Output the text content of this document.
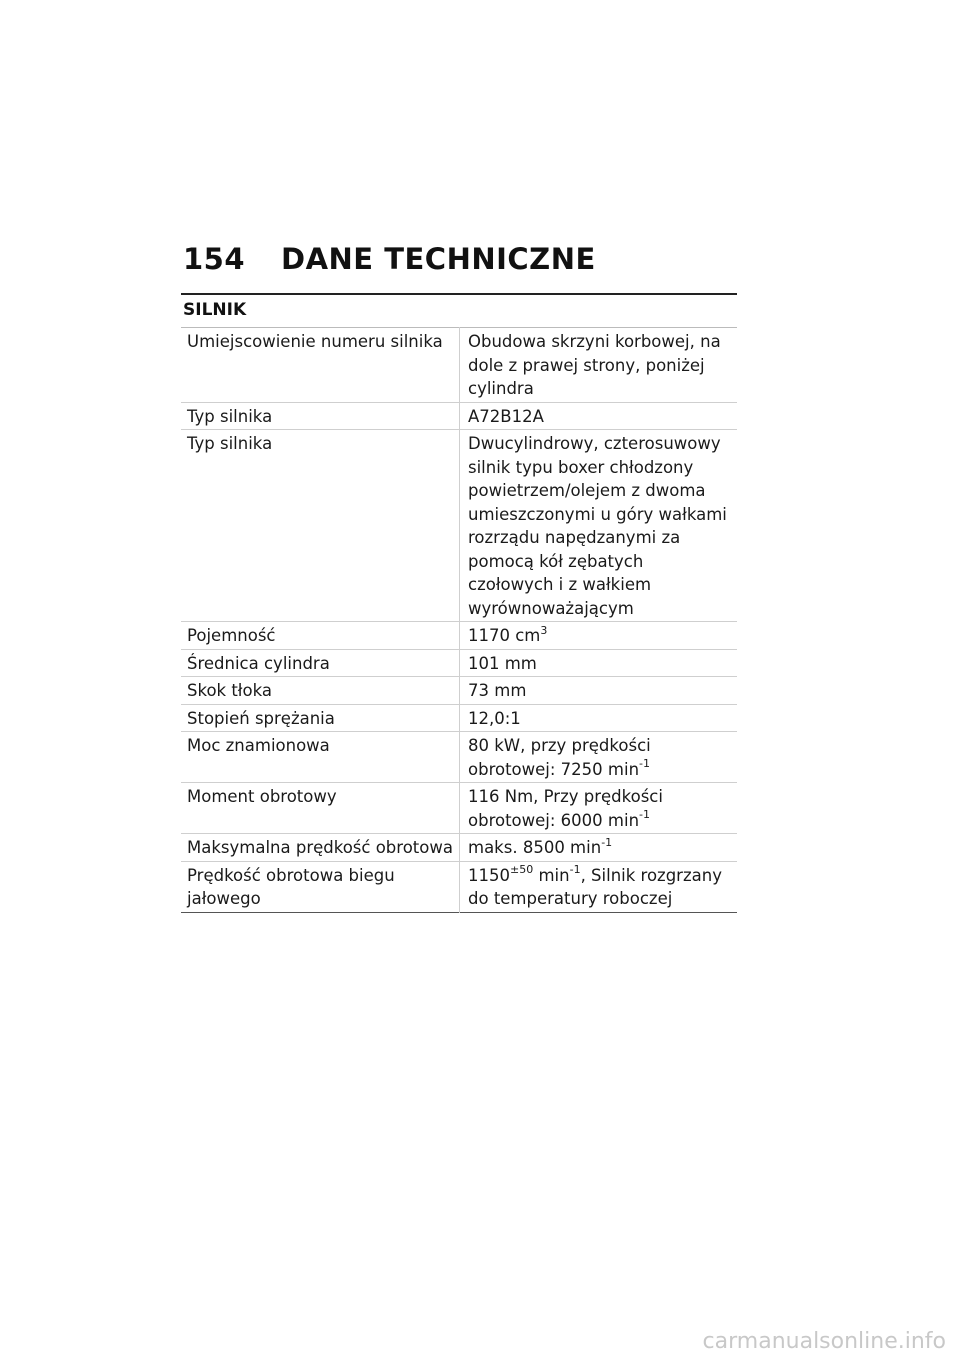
154 DANE TECHNICZNE
SILNIK
Umiejscowienie numeru silnika	Obudowa skrzyni korbowej, na dole z prawej strony, poniżej cylindra
Typ silnika	A72B12A
Typ silnika	Dwucylindrowy, czterosuwowy silnik typu boxer chłodzony powietrzem/olejem z dwoma umieszczonymi u góry wałkami rozrządu napędzanymi za pomocą kół zębatych czołowych i z wałkiem wyrównoważającym
Pojemność	1170 $cm^3$
Średnica cylindra	101 mm
Skok tłoka	73 mm
Stopień sprężania	12,0:1
Moc znamionowa	80 kW, przy prędkości obrotowej: 7250 $\min^{-1}$
Moment obrotowy	116 Nm, Przy prędkości obrotowej: 6000 $\min^{-1}$
Maksymalna prędkość obrotowa	maks. 8500 $\min^{-1}$
Prędkość obrotowa biegu jałowego	$1150^{\pm 50}$ $\min^{-1}$, Silnik rozgrzany do temperatury roboczej
carmanualsonline.info
